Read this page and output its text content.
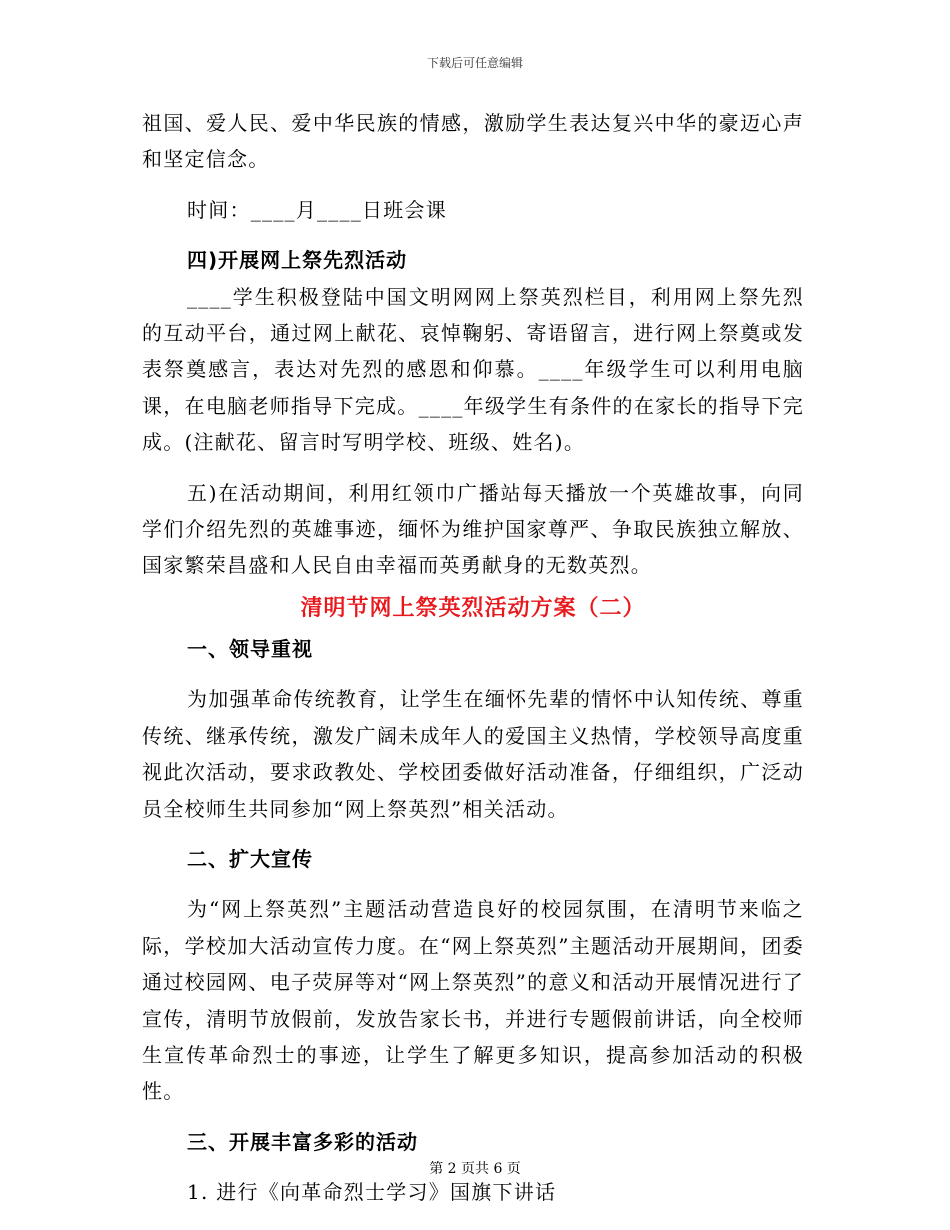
下载后可任意编辑

祖国、爱人民、爱中华民族的情感，激励学生表达复兴中华的豪迈心声和坚定信念。

时间：____月____日班会课

四)开展网上祭先烈活动

____学生积极登陆中国文明网网上祭英烈栏目，利用网上祭先烈的互动平台，通过网上献花、哀悼鞠躬、寄语留言，进行网上祭奠或发表祭奠感言，表达对先烈的感恩和仰慕。____年级学生可以利用电脑课，在电脑老师指导下完成。____年级学生有条件的在家长的指导下完成。(注献花、留言时写明学校、班级、姓名)。

五)在活动期间，利用红领巾广播站每天播放一个英雄故事，向同学们介绍先烈的英雄事迹，缅怀为维护国家尊严、争取民族独立解放、国家繁荣昌盛和人民自由幸福而英勇献身的无数英烈。

清明节网上祭英烈活动方案（二）

一、领导重视

为加强革命传统教育，让学生在缅怀先辈的情怀中认知传统、尊重传统、继承传统，激发广阔未成年人的爱国主义热情，学校领导高度重视此次活动，要求政教处、学校团委做好活动准备，仔细组织，广泛动员全校师生共同参加“网上祭英烈”相关活动。

二、扩大宣传

为“网上祭英烈”主题活动营造良好的校园氛围，在清明节来临之际，学校加大活动宣传力度。在“网上祭英烈”主题活动开展期间，团委通过校园网、电子荧屏等对“网上祭英烈”的意义和活动开展情况进行了宣传，清明节放假前，发放告家长书，并进行专题假前讲话，向全校师生宣传革命烈士的事迹，让学生了解更多知识，提高参加活动的积极性。

三、开展丰富多彩的活动

1. 进行《向革命烈士学习》国旗下讲话

第 2 页共 6 页
